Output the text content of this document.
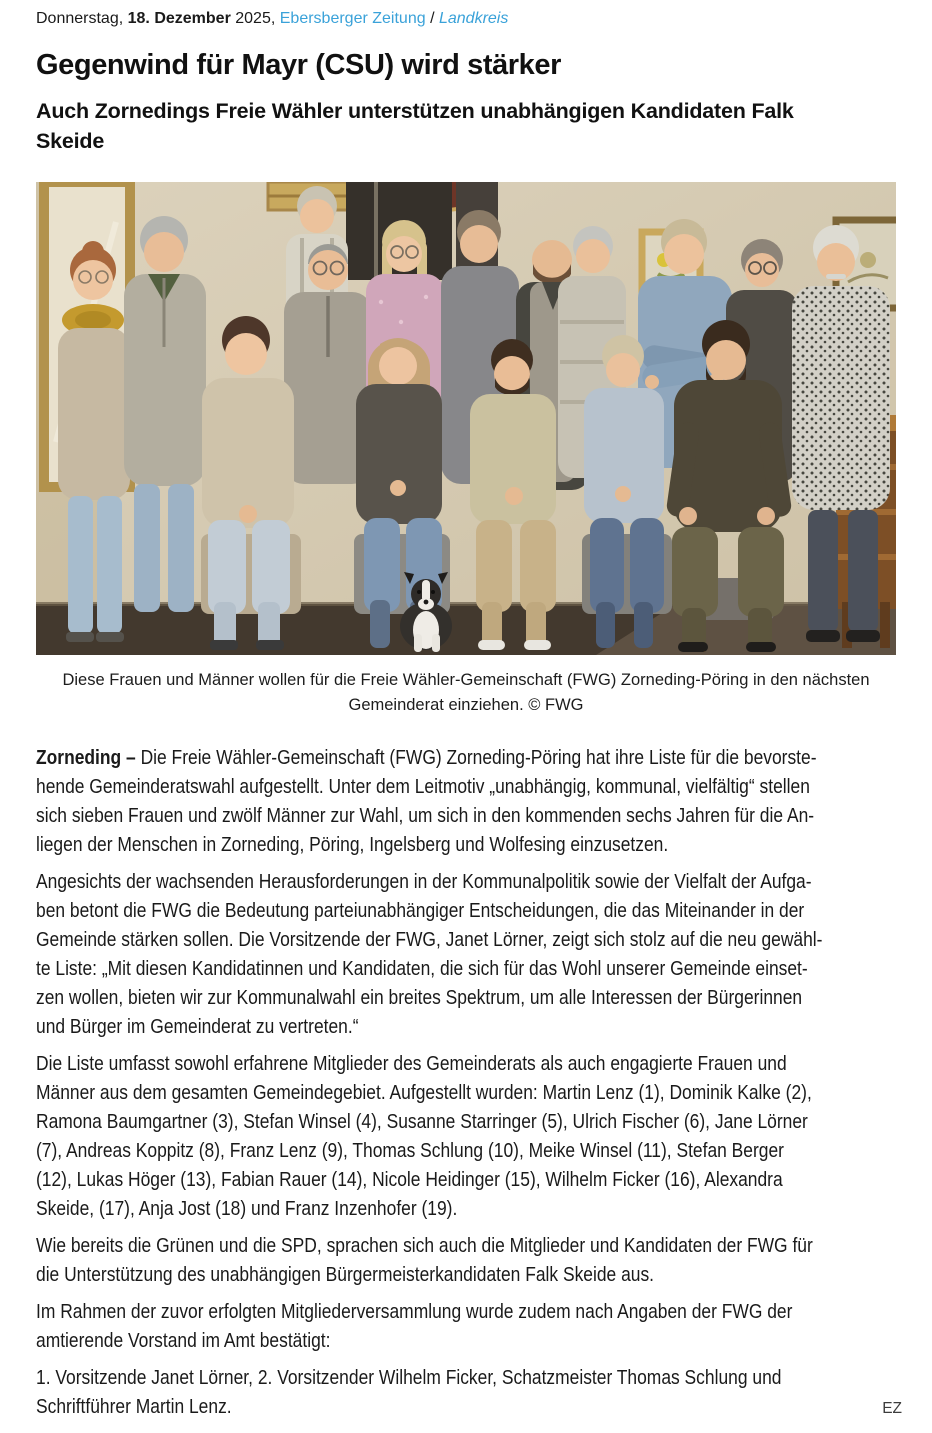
Donnerstag, 18. Dezember 2025, Ebersberger Zeitung / Landkreis
Gegenwind für Mayr (CSU) wird stärker
Auch Zornedings Freie Wähler unterstützen unabhängigen Kandidaten Falk
Skeide
Diese Frauen und Männer wollen für die Freie Wähler-Gemeinschaft (FWG) Zorneding-Pöring in den nächsten
Gemeinderat einziehen. © FWG
Zorneding – Die Freie Wähler-Gemeinschaft (FWG) Zorneding-Pöring hat ihre Liste für die bevorste-
hende Gemeinderatswahl aufgestellt. Unter dem Leitmotiv „unabhängig, kommunal, vielfältig“ stellen
sich sieben Frauen und zwölf Männer zur Wahl, um sich in den kommenden sechs Jahren für die An-
liegen der Menschen in Zorneding, Pöring, Ingelsberg und Wolfesing einzusetzen.
Angesichts der wachsenden Herausforderungen in der Kommunalpolitik sowie der Vielfalt der Aufga-
ben betont die FWG die Bedeutung parteiunabhängiger Entscheidungen, die das Miteinander in der
Gemeinde stärken sollen. Die Vorsitzende der FWG, Janet Lörner, zeigt sich stolz auf die neu gewähl-
te Liste: „Mit diesen Kandidatinnen und Kandidaten, die sich für das Wohl unserer Gemeinde einset-
zen wollen, bieten wir zur Kommunalwahl ein breites Spektrum, um alle Interessen der Bürgerinnen
und Bürger im Gemeinderat zu vertreten.“
Die Liste umfasst sowohl erfahrene Mitglieder des Gemeinderats als auch engagierte Frauen und
Männer aus dem gesamten Gemeindegebiet. Aufgestellt wurden: Martin Lenz (1), Dominik Kalke (2),
Ramona Baumgartner (3), Stefan Winsel (4), Susanne Starringer (5), Ulrich Fischer (6), Jane Lörner
(7), Andreas Koppitz (8), Franz Lenz (9), Thomas Schlung (10), Meike Winsel (11), Stefan Berger
(12), Lukas Höger (13), Fabian Rauer (14), Nicole Heidinger (15), Wilhelm Ficker (16), Alexandra
Skeide, (17), Anja Jost (18) und Franz Inzenhofer (19).
Wie bereits die Grünen und die SPD, sprachen sich auch die Mitglieder und Kandidaten der FWG für
die Unterstützung des unabhängigen Bürgermeisterkandidaten Falk Skeide aus.
Im Rahmen der zuvor erfolgten Mitgliederversammlung wurde zudem nach Angaben der FWG der
amtierende Vorstand im Amt bestätigt:
1. Vorsitzende Janet Lörner, 2. Vorsitzender Wilhelm Ficker, Schatzmeister Thomas Schlung und
Schriftführer Martin Lenz.	EZ
